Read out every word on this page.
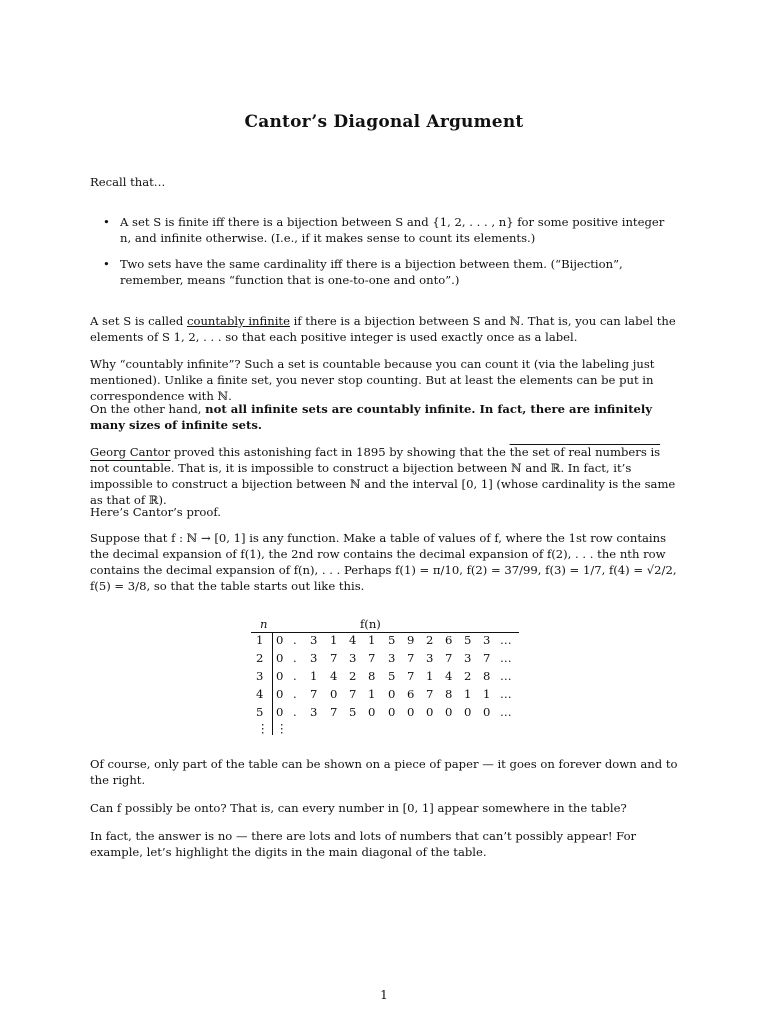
Cantor’s Diagonal Argument
Recall that…
• A set S is finite iff there is a bijection between S and {1, 2, . . . , n} for some positive integer n, and infinite otherwise. (I.e., if it makes sense to count its elements.)
• Two sets have the same cardinality iff there is a bijection between them. (“Bijection”, remember, means “function that is one-to-one and onto”.)
A set S is called countably infinite if there is a bijection between S and ℕ. That is, you can label the elements of S 1, 2, . . . so that each positive integer is used exactly once as a label.
Why “countably infinite”? Such a set is countable because you can count it (via the labeling just mentioned). Unlike a finite set, you never stop counting. But at least the elements can be put in correspondence with ℕ.
On the other hand, not all infinite sets are countably infinite. In fact, there are infinitely many sizes of infinite sets.
Georg Cantor proved this astonishing fact in 1895 by showing that the the set of real numbers is not countable. That is, it is impossible to construct a bijection between ℕ and ℝ. In fact, it’s impossible to construct a bijection between ℕ and the interval [0, 1] (whose cardinality is the same as that of ℝ).
Here’s Cantor’s proof.
Suppose that f : ℕ → [0, 1] is any function. Make a table of values of f, where the 1st row contains the decimal expansion of f(1), the 2nd row contains the decimal expansion of f(2), . . . the nth row contains the decimal expansion of f(n), . . . Perhaps f(1) = π/10, f(2) = 37/99, f(3) = 1/7, f(4) = √2/2, f(5) = 3/8, so that the table starts out like this.
n	f(n)
1 0 . 3 1 4 1 5 9 2 6 5 3 …
2 0 . 3 7 3 7 3 7 3 7 3 7 …
3 0 . 1 4 2 8 5 7 1 4 2 8 …
4 0 . 7 0 7 1 0 6 7 8 1 1 …
5 0 . 3 7 5 0 0 0 0 0 0 0 …
⋮ ⋮
Of course, only part of the table can be shown on a piece of paper — it goes on forever down and to the right.
Can f possibly be onto? That is, can every number in [0, 1] appear somewhere in the table?
In fact, the answer is no — there are lots and lots of numbers that can’t possibly appear! For example, let’s highlight the digits in the main diagonal of the table.
1
